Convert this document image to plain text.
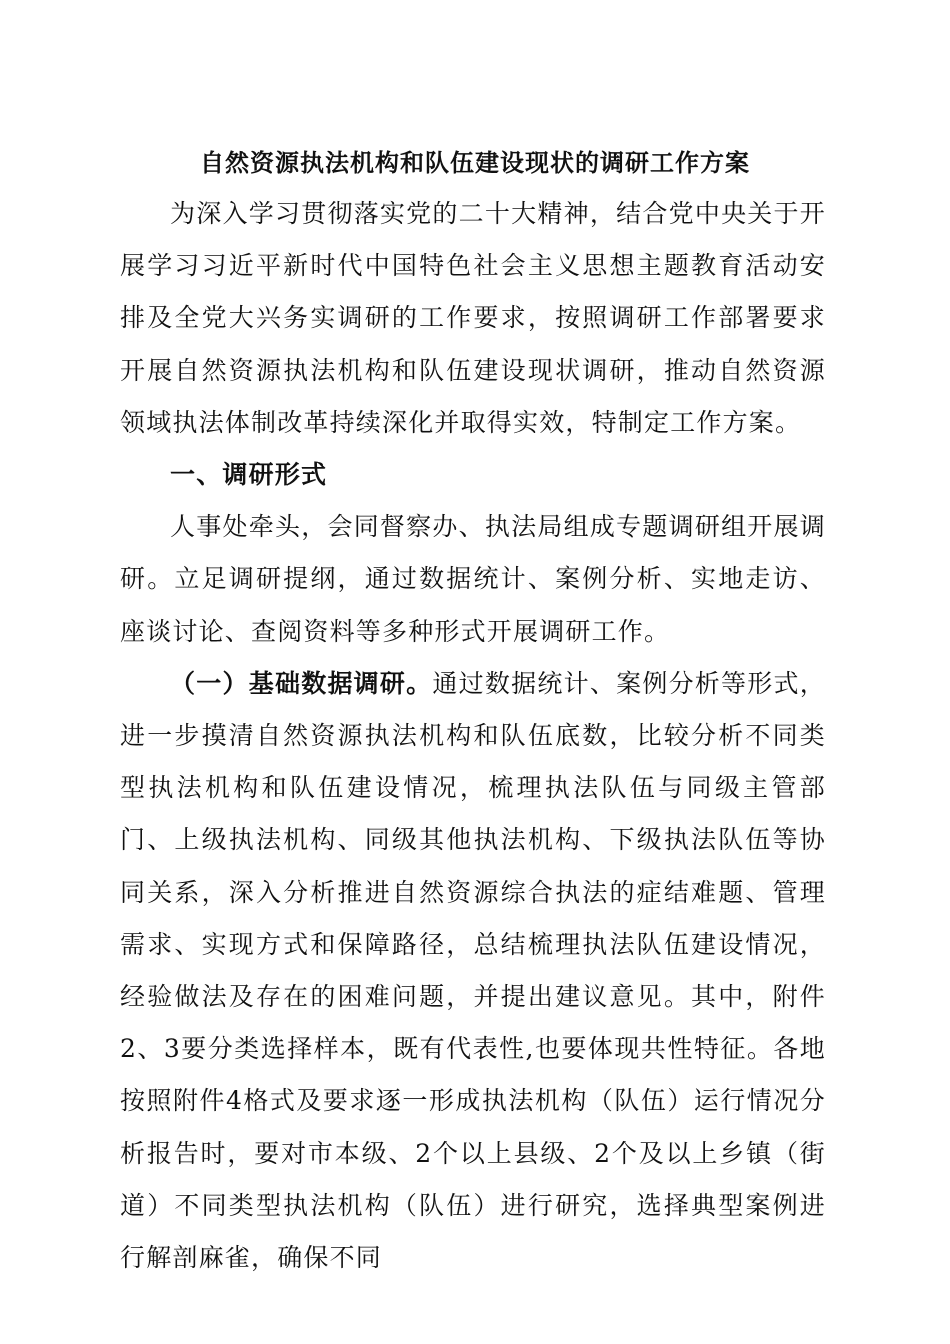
自然资源执法机构和队伍建设现状的调研工作方案

为深入学习贯彻落实党的二十大精神，结合党中央关于开展学习习近平新时代中国特色社会主义思想主题教育活动安排及全党大兴务实调研的工作要求，按照调研工作部署要求开展自然资源执法机构和队伍建设现状调研，推动自然资源领域执法体制改革持续深化并取得实效，特制定工作方案。

一、调研形式

人事处牵头，会同督察办、执法局组成专题调研组开展调研。立足调研提纲，通过数据统计、案例分析、实地走访、座谈讨论、查阅资料等多种形式开展调研工作。

（一）基础数据调研。通过数据统计、案例分析等形式，进一步摸清自然资源执法机构和队伍底数，比较分析不同类型执法机构和队伍建设情况，梳理执法队伍与同级主管部门、上级执法机构、同级其他执法机构、下级执法队伍等协同关系，深入分析推进自然资源综合执法的症结难题、管理需求、实现方式和保障路径，总结梳理执法队伍建设情况，经验做法及存在的困难问题，并提出建议意见。其中，附件2、3要分类选择样本，既有代表性,也要体现共性特征。各地按照附件4格式及要求逐一形成执法机构（队伍）运行情况分析报告时，要对市本级、2个以上县级、2个及以上乡镇（街道）不同类型执法机构（队伍）进行研究，选择典型案例进行解剖麻雀，确保不同
